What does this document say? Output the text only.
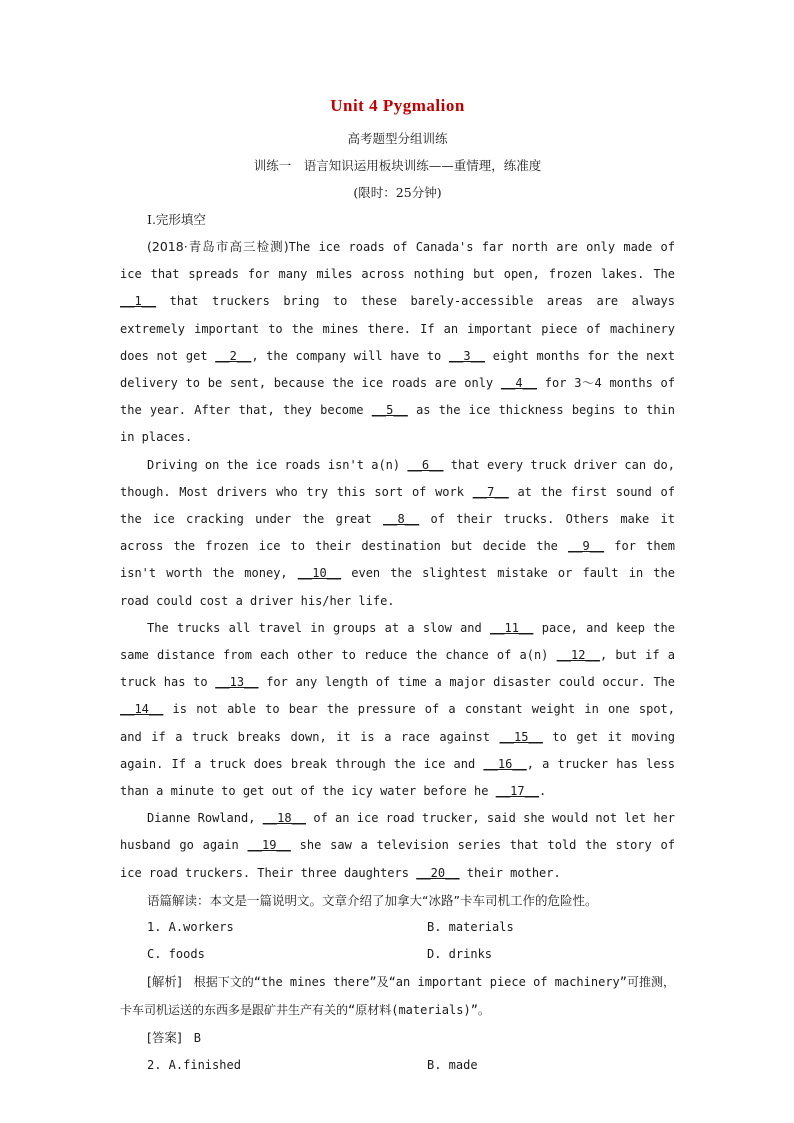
Unit 4 Pygmalion
高考题型分组训练
训练一　语言知识运用板块训练——重情理，练准度
(限时：25分钟)
Ⅰ.完形填空

(2018·青岛市高三检测)The ice roads of Canada's far north are only made of ice that spreads for many miles across nothing but open, frozen lakes. The __1__ that truckers bring to these barely-accessible areas are always extremely important to the mines there. If an important piece of machinery does not get __2__, the company will have to __3__ eight months for the next delivery to be sent, because the ice roads are only __4__ for 3～4 months of the year. After that, they become __5__ as the ice thickness begins to thin in places.

Driving on the ice roads isn't a(n) __6__ that every truck driver can do, though. Most drivers who try this sort of work __7__ at the first sound of the ice cracking under the great __8__ of their trucks. Others make it across the frozen ice to their destination but decide the __9__ for them isn't worth the money, __10__ even the slightest mistake or fault in the road could cost a driver his/her life.

The trucks all travel in groups at a slow and __11__ pace, and keep the same distance from each other to reduce the chance of a(n) __12__, but if a truck has to __13__ for any length of time a major disaster could occur. The __14__ is not able to bear the pressure of a constant weight in one spot, and if a truck breaks down, it is a race against __15__ to get it moving again. If a truck does break through the ice and __16__, a trucker has less than a minute to get out of the icy water before he __17__.

Dianne Rowland, __18__ of an ice road trucker, said she would not let her husband go again __19__ she saw a television series that told the story of ice road truckers. Their three daughters __20__ their mother.

语篇解读：本文是一篇说明文。文章介绍了加拿大“冰路”卡车司机工作的危险性。

1. A.workers	B. materials
C. foods	D. drinks

[解析]　根据下文的“the mines there”及“an important piece of machinery”可推测，卡车司机运送的东西多是跟矿井生产有关的“原材料(materials)”。

[答案]　B

2. A.finished	B. made
